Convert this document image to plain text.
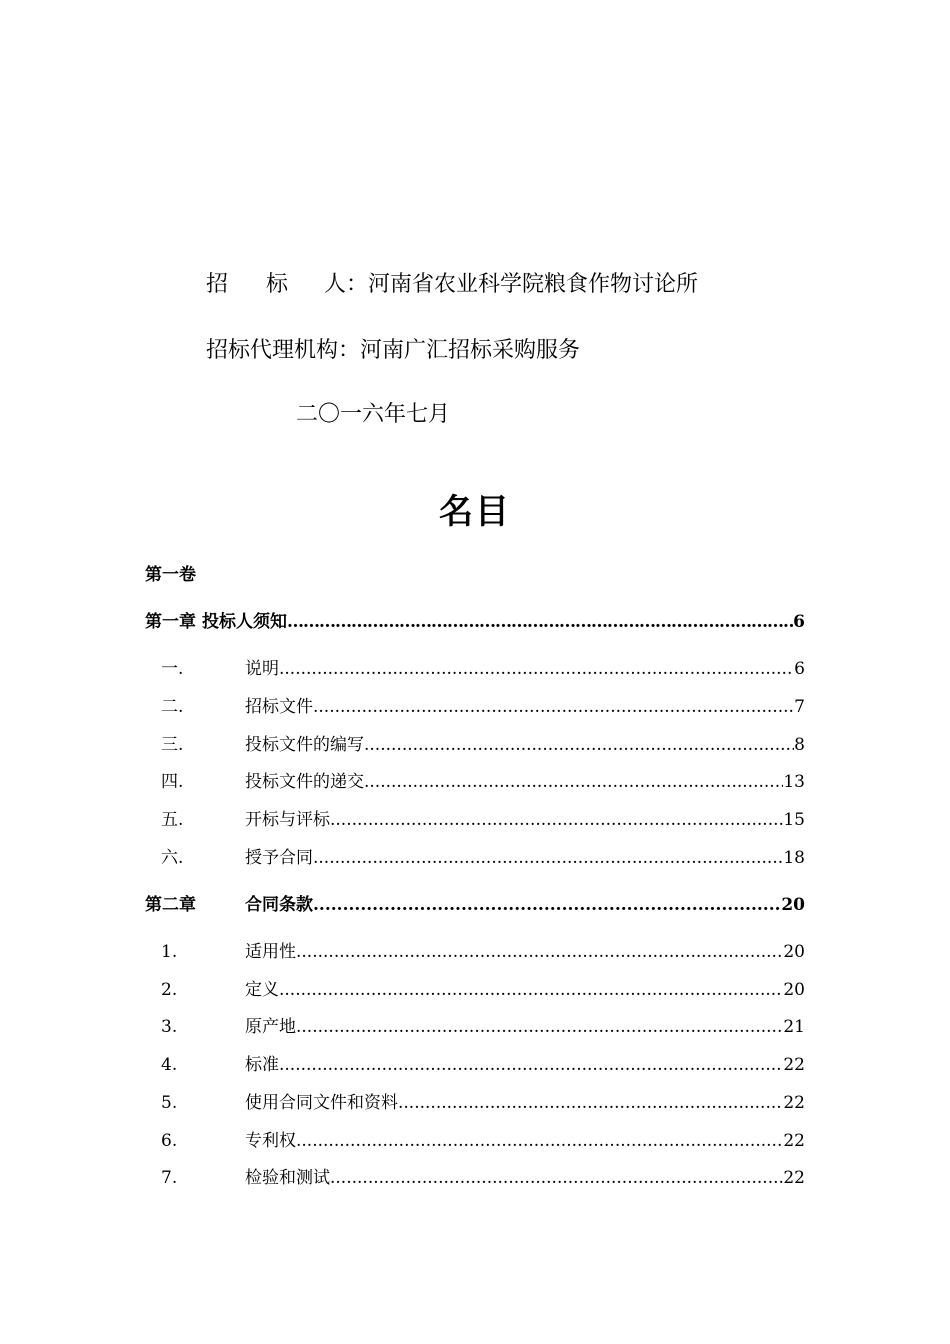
招 标 人：河南省农业科学院粮食作物讨论所
招标代理机构：河南广汇招标采购服务
二〇一六年七月
名目
第一卷
第一章 投标人须知 ……………………………………………………………………………………………………………………………………	6
一.	说明 .....	6
二.	招标文件 .....	7
三.	投标文件的编写 .....	8
四.	投标文件的递交 .....	13
五.	开标与评标 .....	15
六.	授予合同 .....	18
第二章	合同条款 .....	20
1.	适用性 .....	20
2.	定义 .....	20
3.	原产地 .....	21
4.	标准 .....	22
5.	使用合同文件和资料 .....	22
6.	专利权 .....	22
7.	检验和测试 .....	22
